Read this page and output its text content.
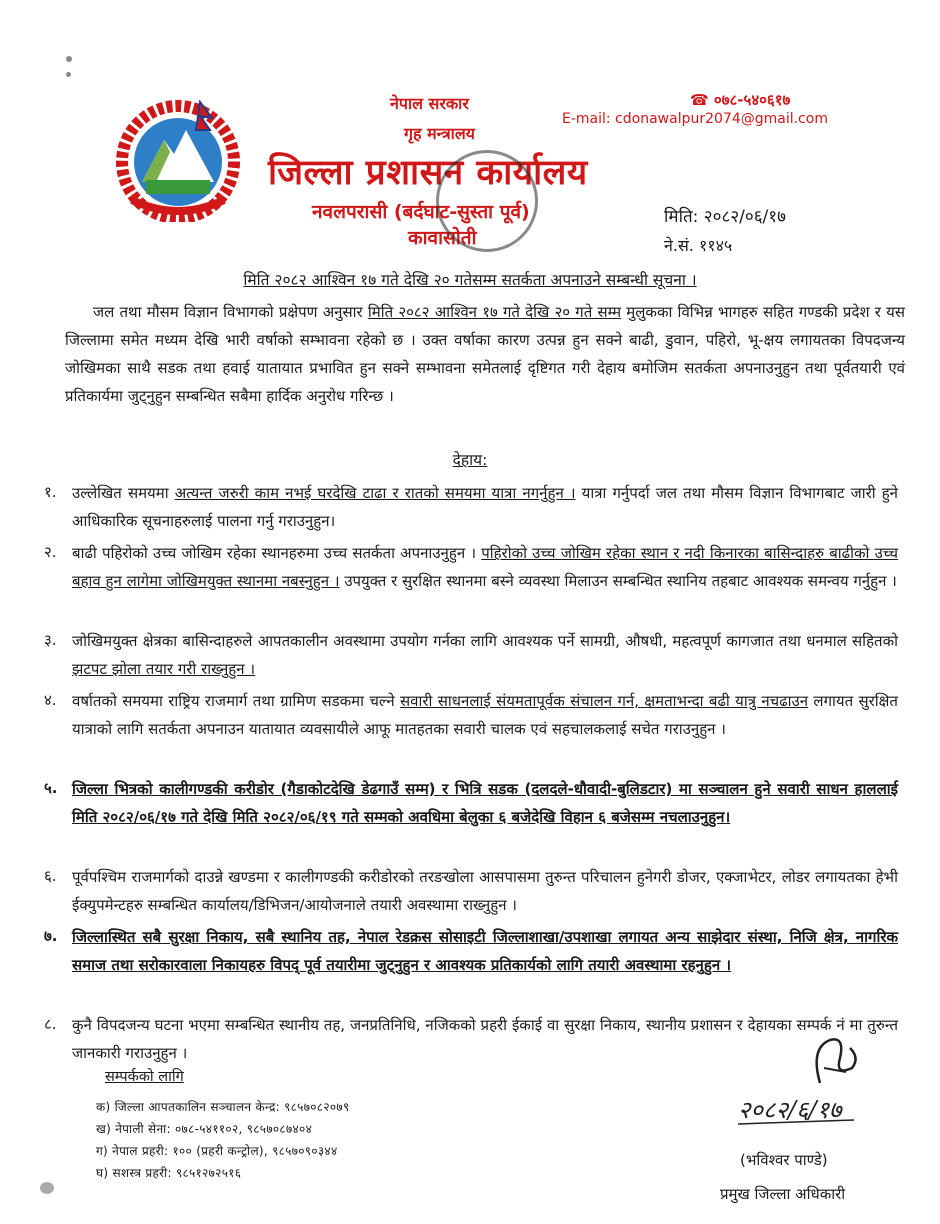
नेपाल सरकार
गृह मन्त्रालय
जिल्ला प्रशासन कार्यालय
नवलपरासी (बर्दघाट-सुस्ता पूर्व)
कावासोती
☎ ०७८-५४०६१७
E-mail: cdonawalpur2074@gmail.com
मिति: २०८२/०६/१७
ने.सं. ११४५
मिति २०८२ आश्विन १७ गते देखि २० गतेसम्म सतर्कता अपनाउने सम्बन्धी सूचना ।
जल तथा मौसम विज्ञान विभागको प्रक्षेपण अनुसार मिति २०८२ आश्विन १७ गते देखि २० गते सम्म मुलुकका विभिन्न भागहरु सहित गण्डकी प्रदेश र यस जिल्लामा समेत मध्यम देखि भारी वर्षाको सम्भावना रहेको छ । उक्त वर्षाका कारण उत्पन्न हुन सक्ने बाढी, डुवान, पहिरो, भू-क्षय लगायतका विपदजन्य जोखिमका साथै सडक तथा हवाई यातायात प्रभावित हुन सक्ने सम्भावना समेतलाई दृष्टिगत गरी देहाय बमोजिम सतर्कता अपनाउनुहुन तथा पूर्वतयारी एवं प्रतिकार्यमा जुट्नुहुन सम्बन्धित सबैमा हार्दिक अनुरोध गरिन्छ ।
देहाय:
१. उल्लेखित समयमा अत्यन्त जरुरी काम नभई घरदेखि टाढा र रातको समयमा यात्रा नगर्नुहुन । यात्रा गर्नुपर्दा जल तथा मौसम विज्ञान विभागबाट जारी हुने आधिकारिक सूचनाहरुलाई पालना गर्नु गराउनुहुन।
२. बाढी पहिरोको उच्च जोखिम रहेका स्थानहरुमा उच्च सतर्कता अपनाउनुहुन । पहिरोको उच्च जोखिम रहेका स्थान र नदी किनारका बासिन्दाहरु बाढीको उच्च बहाव हुन लागेमा जोखिमयुक्त स्थानमा नबस्नुहुन । उपयुक्त र सुरक्षित स्थानमा बस्ने व्यवस्था मिलाउन सम्बन्धित स्थानिय तहबाट आवश्यक समन्वय गर्नुहुन ।
३. जोखिमयुक्त क्षेत्रका बासिन्दाहरुले आपतकालीन अवस्थामा उपयोग गर्नका लागि आवश्यक पर्ने सामग्री, औषधी, महत्वपूर्ण कागजात तथा धनमाल सहितको झटपट झोला तयार गरी राख्नुहुन ।
४. वर्षातको समयमा राष्ट्रिय राजमार्ग तथा ग्रामिण सडकमा चल्ने सवारी साधनलाई संयमतापूर्वक संचालन गर्न, क्षमताभन्दा बढी यात्रु नचढाउन लगायत सुरक्षित यात्राको लागि सतर्कता अपनाउन यातायात व्यवसायीले आफू मातहतका सवारी चालक एवं सहचालकलाई सचेत गराउनुहुन ।
५. जिल्ला भित्रको कालीगण्डकी करीडोर (गैडाकोटदेखि डेढगाउँ सम्म) र भित्रि सडक (दलदले-धौवादी-बुलिडटार) मा सञ्चालन हुने सवारी साधन हाललाई मिति २०८२/०६/१७ गते देखि मिति २०८२/०६/१९ गते सम्मको अवधिमा बेलुका ६ बजेदेखि विहान ६ बजेसम्म नचलाउनुहुन।
६. पूर्वपश्चिम राजमार्गको दाउन्ने खण्डमा र कालीगण्डकी करीडोरको तरङखोला आसपासमा तुरुन्त परिचालन हुनेगरी डोजर, एक्जाभेटर, लोडर लगायतका हेभी ईक्युपमेन्टहरु सम्बन्धित कार्यालय/डिभिजन/आयोजनाले तयारी अवस्थामा राख्नुहुन ।
७. जिल्लास्थित सबै सुरक्षा निकाय, सबै स्थानिय तह, नेपाल रेडक्रस सोसाइटी जिल्लाशाखा/उपशाखा लगायत अन्य साझेदार संस्था, निजि क्षेत्र, नागरिक समाज तथा सरोकारवाला निकायहरु विपद् पूर्व तयारीमा जुट्नुहुन र आवश्यक प्रतिकार्यको लागि तयारी अवस्थामा रहनुहुन ।
८. कुनै विपदजन्य घटना भएमा सम्बन्धित स्थानीय तह, जनप्रतिनिधि, नजिकको प्रहरी ईकाई वा सुरक्षा निकाय, स्थानीय प्रशासन र देहायका सम्पर्क नं मा तुरुन्त जानकारी गराउनुहुन ।
सम्पर्कको लागि
क) जिल्ला आपतकालिन सञ्चालन केन्द्र: ९८५७०८२०७९
ख) नेपाली सेना: ०७८-५४११०२, ९८५७०८७४०४
ग) नेपाल प्रहरी: १०० (प्रहरी कन्ट्रोल), ९८५७०९०३४४
घ) सशस्त्र प्रहरी: ९८५१२७२५१६
२०८२/६/१७
(भविश्वर पाण्डे)
प्रमुख जिल्ला अधिकारी
